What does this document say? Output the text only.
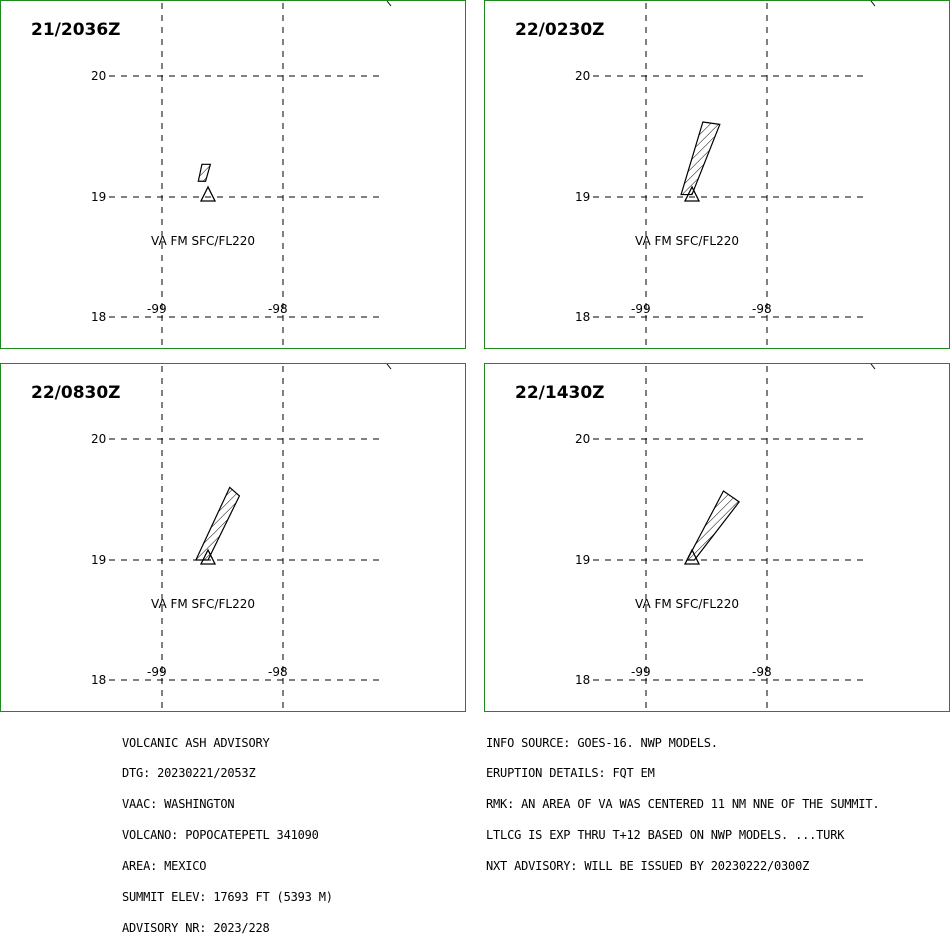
21/2036Z
20
19
18
-99	-98
VA FM SFC/FL220
22/0230Z
20
19
18
-99	-98
VA FM SFC/FL220
22/0830Z
20
19
18
-99	-98
VA FM SFC/FL220
22/1430Z
20
19
18
-99	-98
VA FM SFC/FL220

VOLCANIC ASH ADVISORY

DTG: 20230221/2053Z

VAAC: WASHINGTON

VOLCANO: POPOCATEPETL 341090

AREA: MEXICO

SUMMIT ELEV: 17693 FT (5393 M)

ADVISORY NR: 2023/228

INFO SOURCE: GOES-16. NWP MODELS.

ERUPTION DETAILS: FQT EM

RMK: AN AREA OF VA WAS CENTERED 11 NM NNE OF THE SUMMIT.

LTLCG IS EXP THRU T+12 BASED ON NWP MODELS. ...TURK

NXT ADVISORY: WILL BE ISSUED BY 20230222/0300Z
